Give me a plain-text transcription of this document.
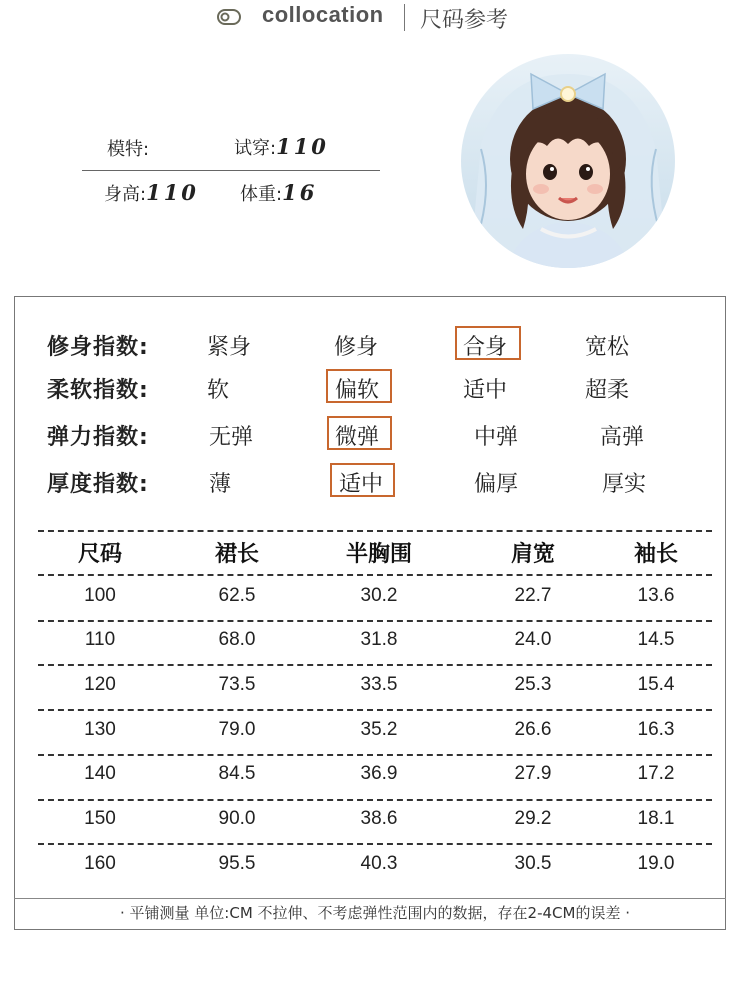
collocation 尺码参考
模特:	试穿:110
身高:110 体重:16
修身指数:	紧身	修身	合身	宽松
柔软指数:	软	偏软	适中	超柔
弹力指数:	无弹	微弹	中弹	高弹
厚度指数:	薄	适中	偏厚	厚实
尺码	裙长	半胸围	肩宽	袖长
100	62.5	30.2	22.7	13.6
110	68.0	31.8	24.0	14.5
120	73.5	33.5	25.3	15.4
130	79.0	35.2	26.6	16.3
140	84.5	36.9	27.9	17.2
150	90.0	38.6	29.2	18.1
160	95.5	40.3	30.5	19.0
· 平铺测量 单位:CM 不拉伸、不考虑弹性范围内的数据，存在2-4CM的误差 ·
